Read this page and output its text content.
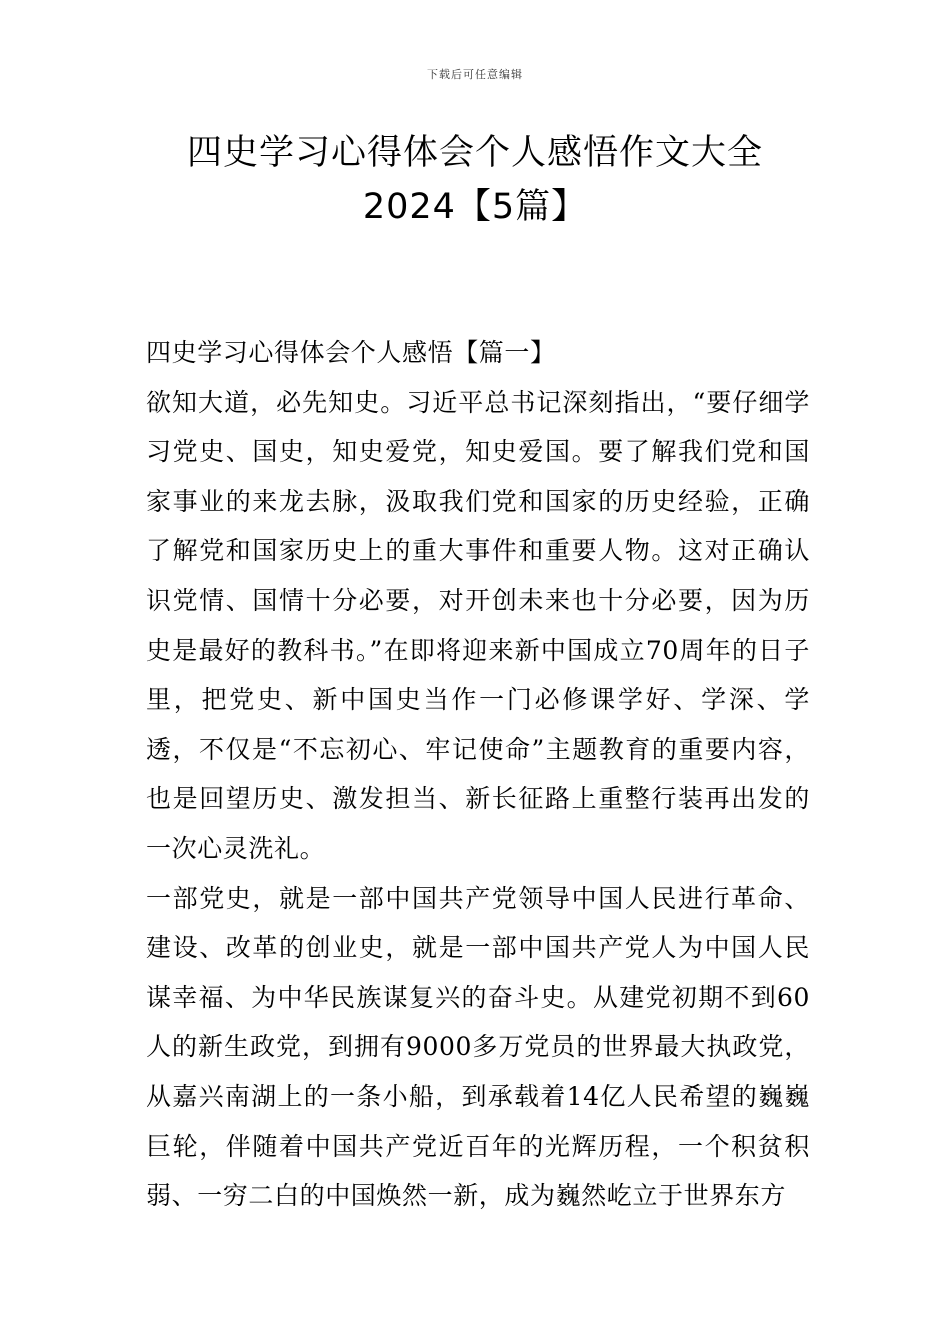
下载后可任意编辑
四史学习心得体会个人感悟作文大全
2024【5篇】

四史学习心得体会个人感悟【篇一】

欲知大道，必先知史。习近平总书记深刻指出，“要仔细学习党史、国史，知史爱党，知史爱国。要了解我们党和国家事业的来龙去脉，汲取我们党和国家的历史经验，正确了解党和国家历史上的重大事件和重要人物。这对正确认识党情、国情十分必要，对开创未来也十分必要，因为历史是最好的教科书。”在即将迎来新中国成立70周年的日子里，把党史、新中国史当作一门必修课学好、学深、学透，不仅是“不忘初心、牢记使命”主题教育的重要内容，也是回望历史、激发担当、新长征路上重整行装再出发的一次心灵洗礼。

一部党史，就是一部中国共产党领导中国人民进行革命、建设、改革的创业史，就是一部中国共产党人为中国人民谋幸福、为中华民族谋复兴的奋斗史。从建党初期不到60人的新生政党，到拥有9000多万党员的世界最大执政党，从嘉兴南湖上的一条小船，到承载着14亿人民希望的巍巍巨轮，伴随着中国共产党近百年的光辉历程，一个积贫积弱、一穷二白的中国焕然一新，成为巍然屹立于世界东方
